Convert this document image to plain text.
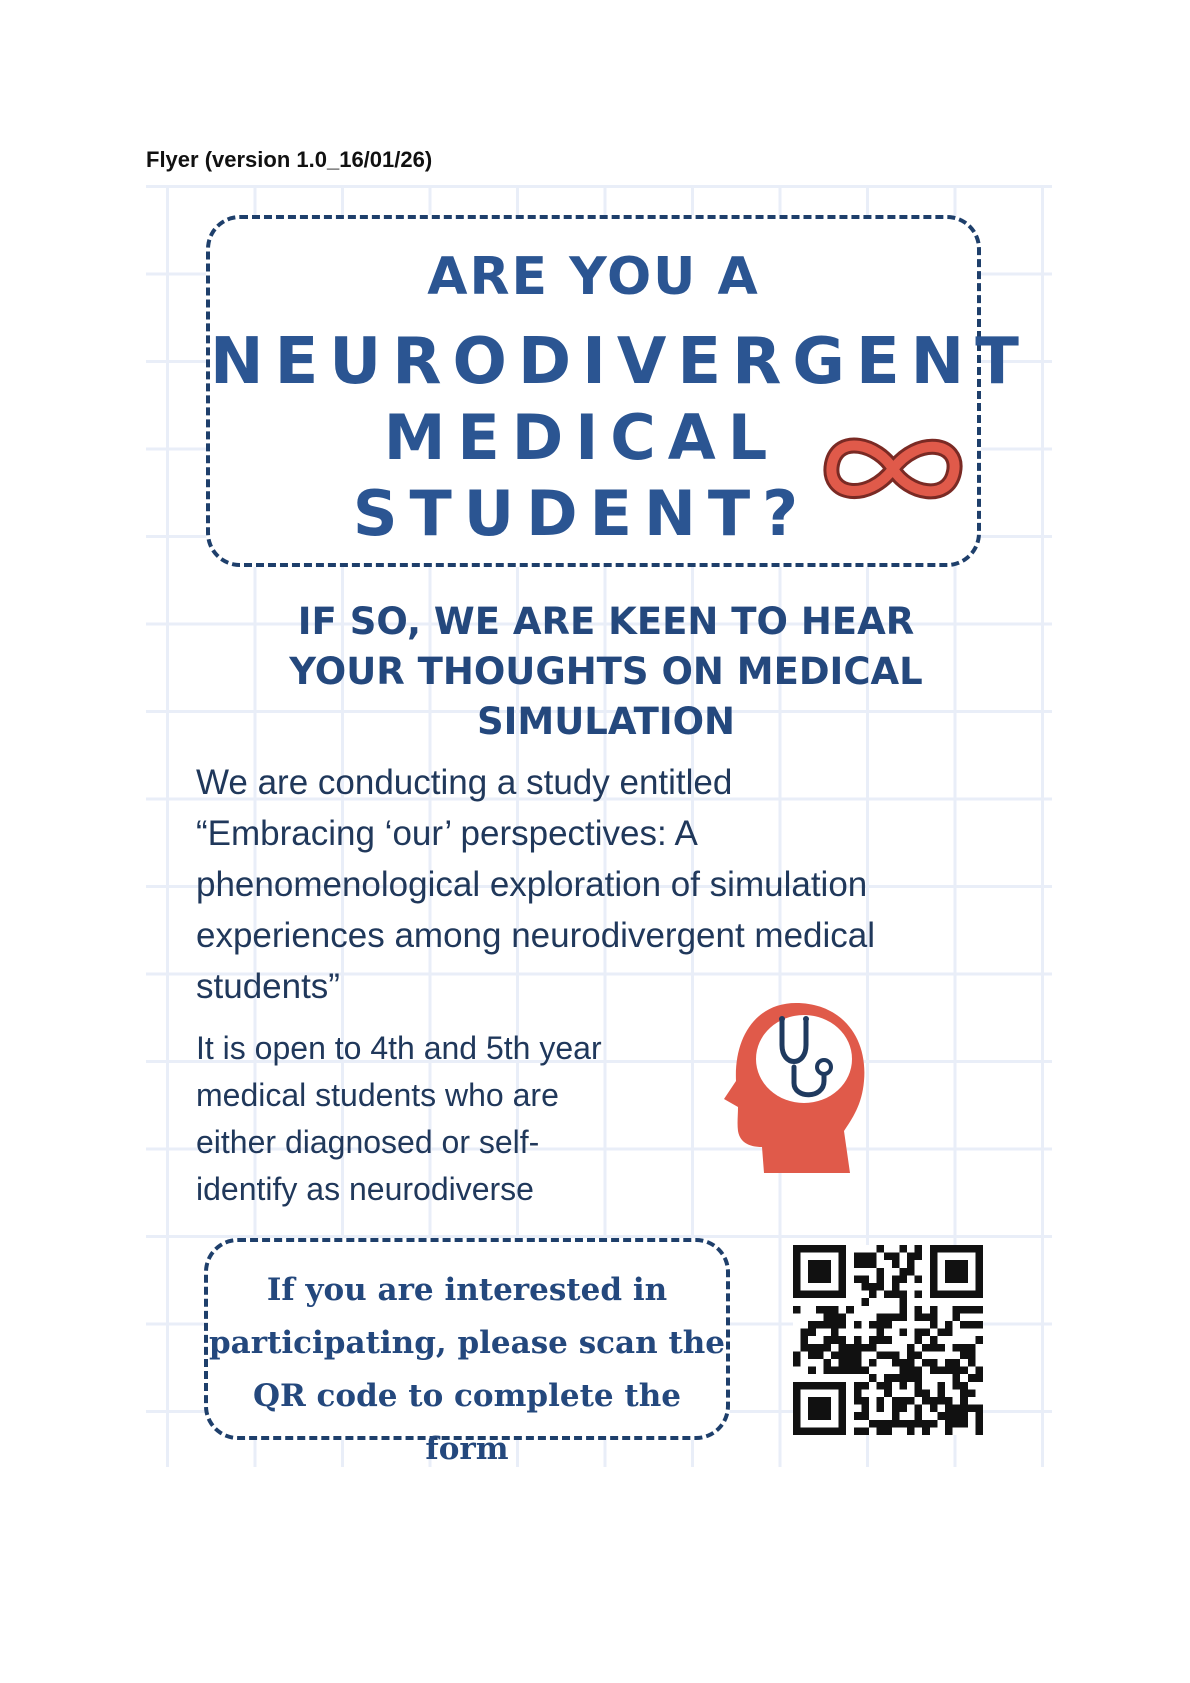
Flyer (version 1.0_16/01/26)
ARE YOU A
NEURODIVERGENT
MEDICAL
STUDENT?
IF SO, WE ARE KEEN TO HEAR
YOUR THOUGHTS ON MEDICAL
SIMULATION
We are conducting a study entitled
“Embracing ‘our’ perspectives: A
phenomenological exploration of simulation
experiences among neurodivergent medical
students”
It is open to 4th and 5th year
medical students who are
either diagnosed or self-
identify as neurodiverse
If you are interested in
participating, please scan the
QR code to complete the form
